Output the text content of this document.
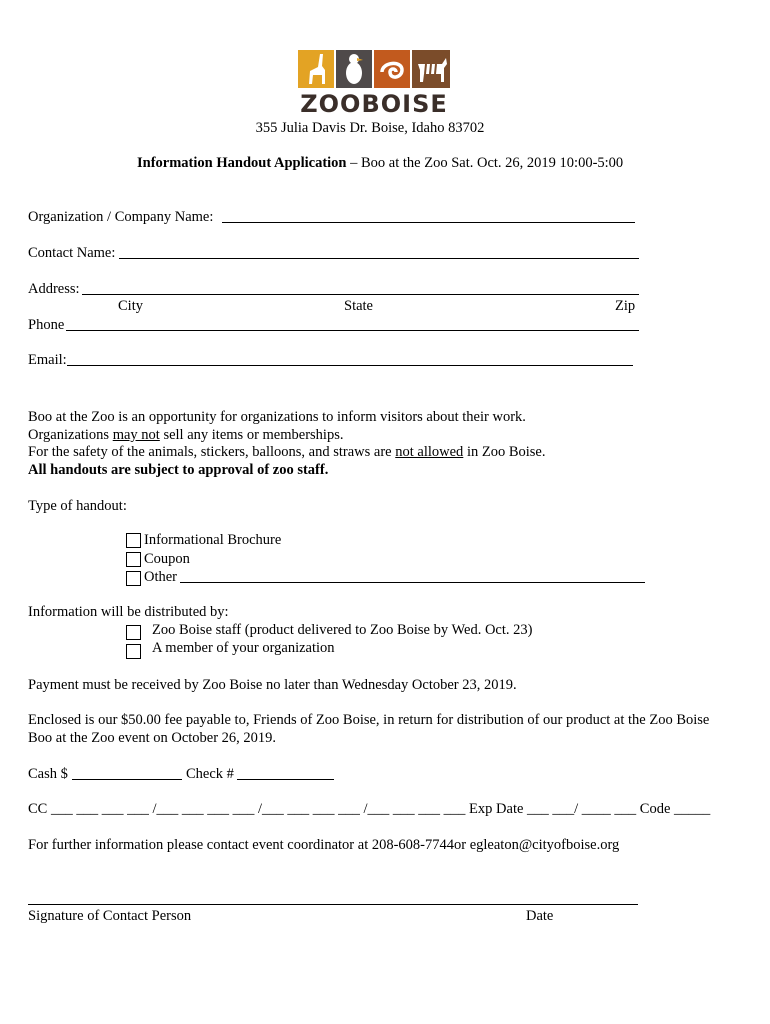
ZOOBOISE
355 Julia Davis Dr. Boise, Idaho 83702
Information Handout Application – Boo at the Zoo Sat. Oct. 26, 2019 10:00-5:00
Organization / Company Name:
Contact Name:
Address:
City	State	Zip
Phone
Email:
Boo at the Zoo is an opportunity for organizations to inform visitors about their work.
Organizations may not sell any items or memberships.
For the safety of the animals, stickers, balloons, and straws are not allowed in Zoo Boise.
All handouts are subject to approval of zoo staff.
Type of handout:
Informational Brochure
Coupon
Other
Information will be distributed by:
Zoo Boise staff (product delivered to Zoo Boise by Wed. Oct. 23)
A member of your organization
Payment must be received by Zoo Boise no later than Wednesday October 23, 2019.
Enclosed is our $50.00 fee payable to, Friends of Zoo Boise, in return for distribution of our product at the Zoo Boise
Boo at the Zoo event on October 26, 2019.
Cash $	Check #
CC ___ ___ ___ ___ /___ ___ ___ ___ /___ ___ ___ ___ /___ ___ ___ ___ Exp Date ___ ___/ ____ ___ Code _____
For further information please contact event coordinator at 208-608-7744or egleaton@cityofboise.org
Signature of Contact Person	Date
